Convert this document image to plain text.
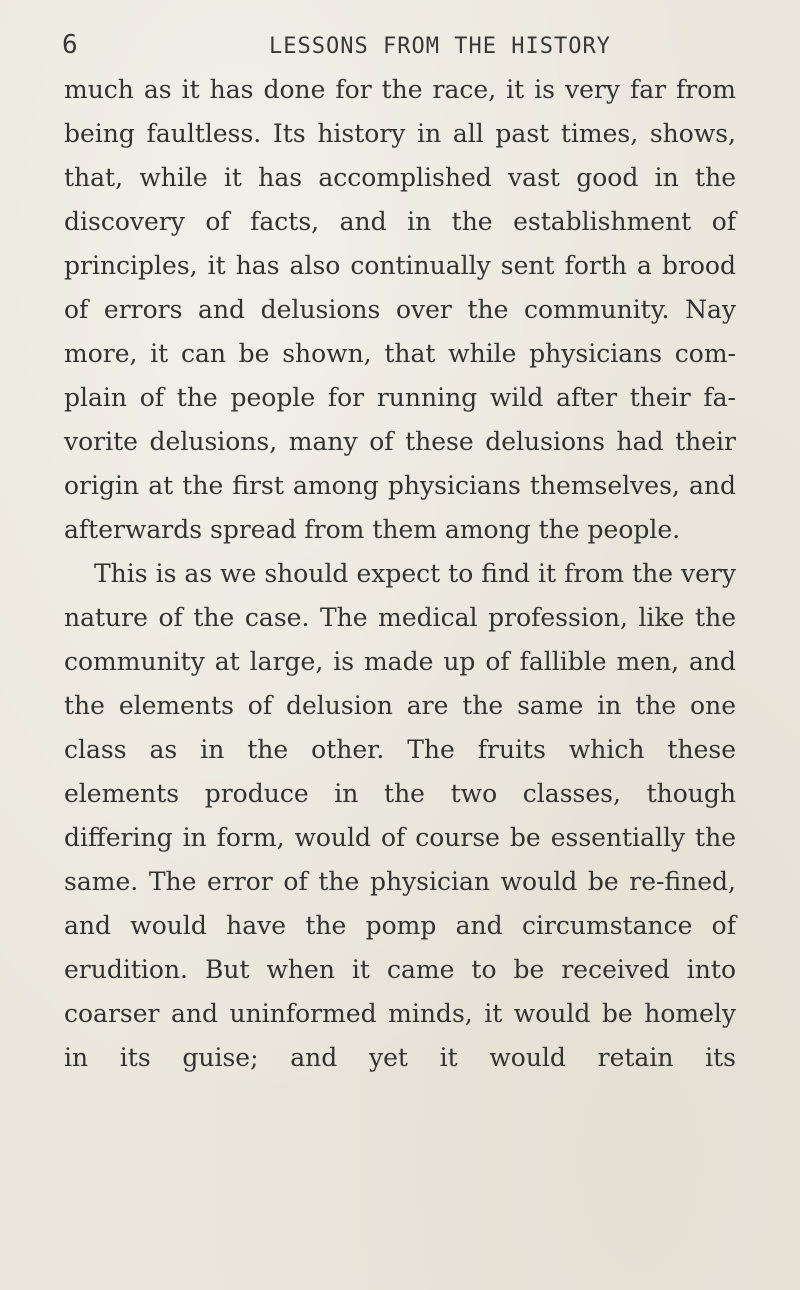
6	LESSONS FROM THE HISTORY

much as it has done for the race, it is very far from being faultless. Its history in all past times, shows, that, while it has accomplished vast good in the discovery of facts, and in the establishment of principles, it has also continually sent forth a brood of errors and delusions over the community. Nay more, it can be shown, that while physicians com-plain of the people for running wild after their fa-vorite delusions, many of these delusions had their origin at the first among physicians themselves, and afterwards spread from them among the people.

This is as we should expect to find it from the very nature of the case. The medical profession, like the community at large, is made up of fallible men, and the elements of delusion are the same in the one class as in the other. The fruits which these elements produce in the two classes, though differing in form, would of course be essentially the same. The error of the physician would be re-fined, and would have the pomp and circumstance of erudition. But when it came to be received into coarser and uninformed minds, it would be homely in its guise; and yet it would retain its
